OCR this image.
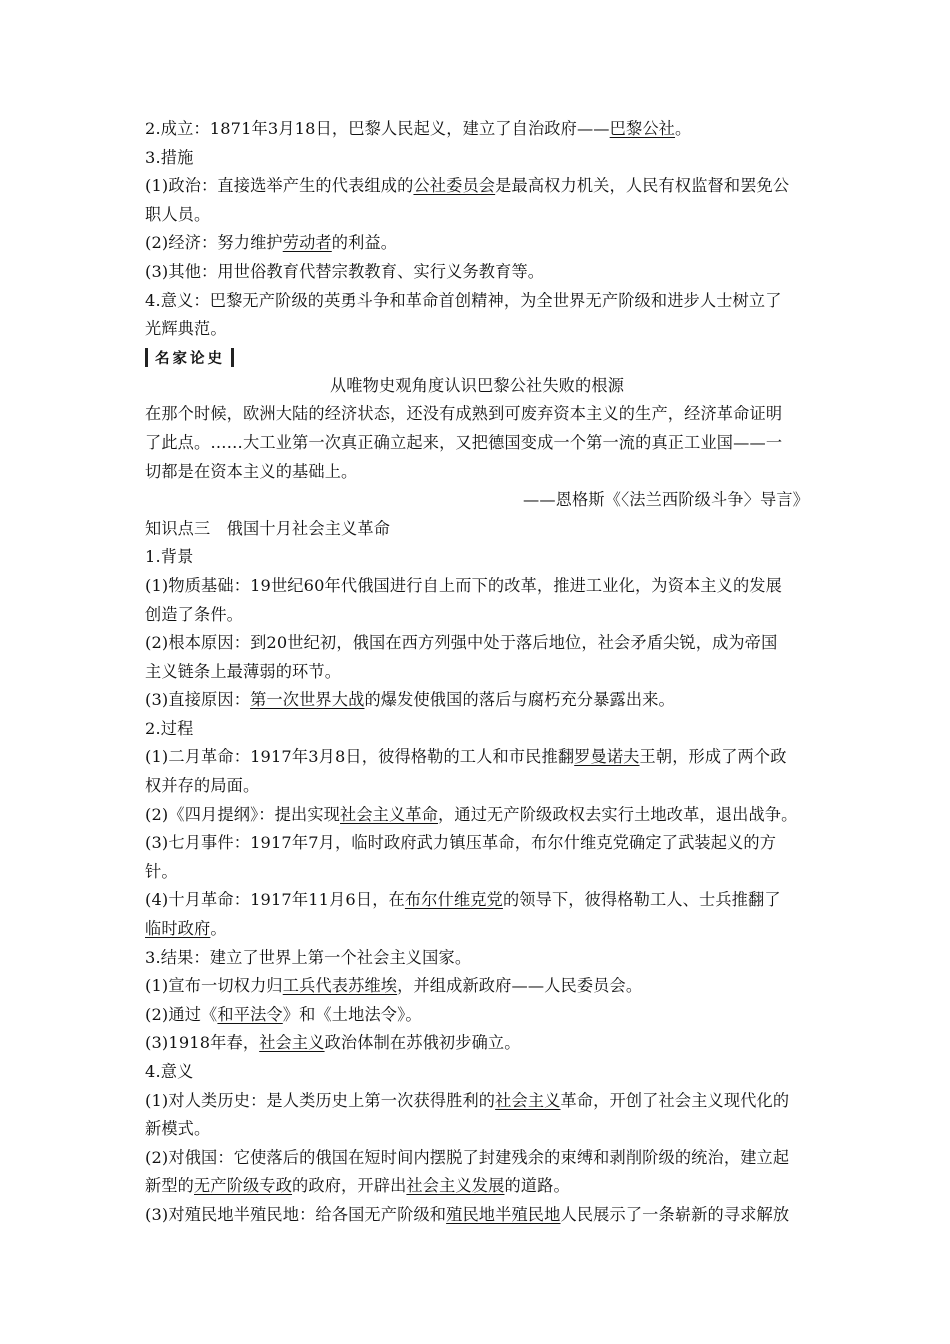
2.成立：1871年3月18日，巴黎人民起义，建立了自治政府——巴黎公社。
3.措施
(1)政治：直接选举产生的代表组成的公社委员会是最高权力机关，人民有权监督和罢免公
职人员。
(2)经济：努力维护劳动者的利益。
(3)其他：用世俗教育代替宗教教育、实行义务教育等。
4.意义：巴黎无产阶级的英勇斗争和革命首创精神，为全世界无产阶级和进步人士树立了
光辉典范。
名家论史
从唯物史观角度认识巴黎公社失败的根源
在那个时候，欧洲大陆的经济状态，还没有成熟到可废弃资本主义的生产，经济革命证明
了此点。……大工业第一次真正确立起来，又把德国变成一个第一流的真正工业国——一
切都是在资本主义的基础上。
——恩格斯《〈法兰西阶级斗争〉导言》
知识点三　俄国十月社会主义革命
1.背景
(1)物质基础：19世纪60年代俄国进行自上而下的改革，推进工业化，为资本主义的发展
创造了条件。
(2)根本原因：到20世纪初，俄国在西方列强中处于落后地位，社会矛盾尖锐，成为帝国
主义链条上最薄弱的环节。
(3)直接原因：第一次世界大战的爆发使俄国的落后与腐朽充分暴露出来。
2.过程
(1)二月革命：1917年3月8日，彼得格勒的工人和市民推翻罗曼诺夫王朝，形成了两个政
权并存的局面。
(2)《四月提纲》：提出实现社会主义革命，通过无产阶级政权去实行土地改革，退出战争。
(3)七月事件：1917年7月，临时政府武力镇压革命，布尔什维克党确定了武装起义的方
针。
(4)十月革命：1917年11月6日，在布尔什维克党的领导下，彼得格勒工人、士兵推翻了
临时政府。
3.结果：建立了世界上第一个社会主义国家。
(1)宣布一切权力归工兵代表苏维埃，并组成新政府——人民委员会。
(2)通过《和平法令》和《土地法令》。
(3)1918年春，社会主义政治体制在苏俄初步确立。
4.意义
(1)对人类历史：是人类历史上第一次获得胜利的社会主义革命，开创了社会主义现代化的
新模式。
(2)对俄国：它使落后的俄国在短时间内摆脱了封建残余的束缚和剥削阶级的统治，建立起
新型的无产阶级专政的政府，开辟出社会主义发展的道路。
(3)对殖民地半殖民地：给各国无产阶级和殖民地半殖民地人民展示了一条崭新的寻求解放
